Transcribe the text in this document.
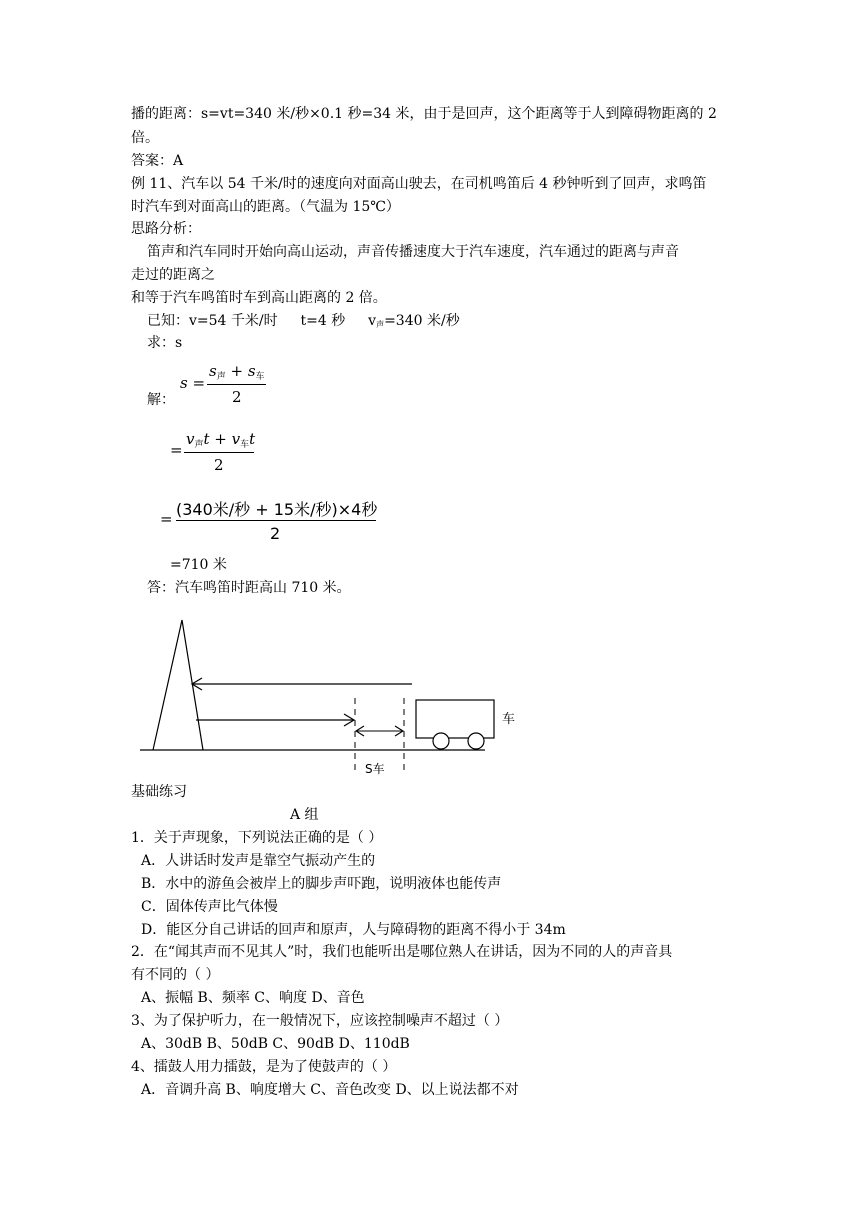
播的距离：s=vt=340 米/秒×0.1 秒=34 米，由于是回声，这个距离等于人到障碍物距离的 2
倍。
答案：A
例 11、汽车以 54 千米/时的速度向对面高山驶去，在司机鸣笛后 4 秒钟听到了回声，求鸣笛
时汽车到对面高山的距离。（气温为 15℃）
思路分析：
笛声和汽车同时开始向高山运动，声音传播速度大于汽车速度，汽车通过的距离与声音
走过的距离之
和等于汽车鸣笛时车到高山距离的 2 倍。
已知：v=54 千米/时 t=4 秒 v声=340 米/秒
求：s
解：
s =
$s_声 + s_车$
2
=
$v_声t + v_车t$
2
= (340米/秒 + 15米/秒)×4秒
2
=710 米
答：汽车鸣笛时距高山 710 米。
车
S车
基础练习
A 组
1．关于声现象，下列说法正确的是（ ）
A．人讲话时发声是靠空气振动产生的
B．水中的游鱼会被岸上的脚步声吓跑，说明液体也能传声
C．固体传声比气体慢
D．能区分自己讲话的回声和原声，人与障碍物的距离不得小于 34m
2．在“闻其声而不见其人”时，我们也能听出是哪位熟人在讲话，因为不同的人的声音具
有不同的（ ）
A、振幅 B、频率 C、响度 D、音色
3、为了保护听力，在一般情况下，应该控制噪声不超过（ ）
A、30dB B、50dB C、90dB D、110dB
4、擂鼓人用力擂鼓，是为了使鼓声的（ ）
A．音调升高 B、响度增大 C、音色改变 D、以上说法都不对
